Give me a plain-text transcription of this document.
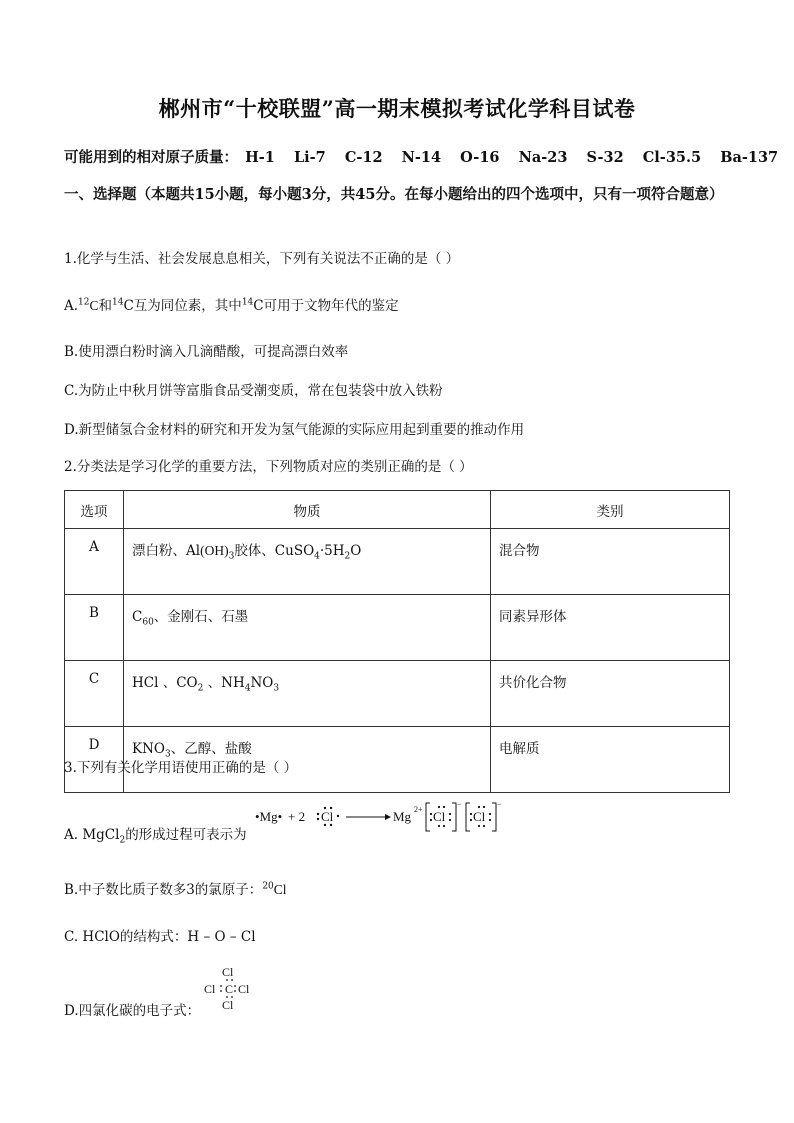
郴州市“十校联盟”高一期末模拟考试化学科目试卷
可能用到的相对原子质量： H-1 Li-7 C-12 N-14 O-16 Na-23 S-32 Cl-35.5 Ba-137
一、选择题（本题共15小题，每小题3分，共45分。在每小题给出的四个选项中，只有一项符合题意）
1.化学与生活、社会发展息息相关，下列有关说法不正确的是（ ）
A.$^{12}$C和$^{14}$C互为同位素，其中$^{14}$C可用于文物年代的鉴定
B.使用漂白粉时滴入几滴醋酸，可提高漂白效率
C.为防止中秋月饼等富脂食品受潮变质，常在包装袋中放入铁粉
D.新型储氢合金材料的研究和开发为氢气能源的实际应用起到重要的推动作用
2.分类法是学习化学的重要方法，下列物质对应的类别正确的是（ ）
选项	物质	类别
A	漂白粉、$Al(OH)_3$胶体、$CuSO_4\cdot 5H_2O$	混合物
B	$C_{60}$、金刚石、石墨	同素异形体
C	HCl 、$CO_2$ 、$NH_4NO_3$	共价化合物
D	$KNO_3$、乙醇、盐酸	电解质
3.下列有关化学用语使用正确的是（ ）
A. MgCl$_2$的形成过程可表示为
•Mg• + 2 Cl	Mg 2+ Cl
−
Cl
−
B.中子数比质子数多3的氯原子：$^{20}$Cl
C. HClO的结构式：H – O – Cl
D.四氯化碳的电子式：
Cl
Cl C Cl
Cl
